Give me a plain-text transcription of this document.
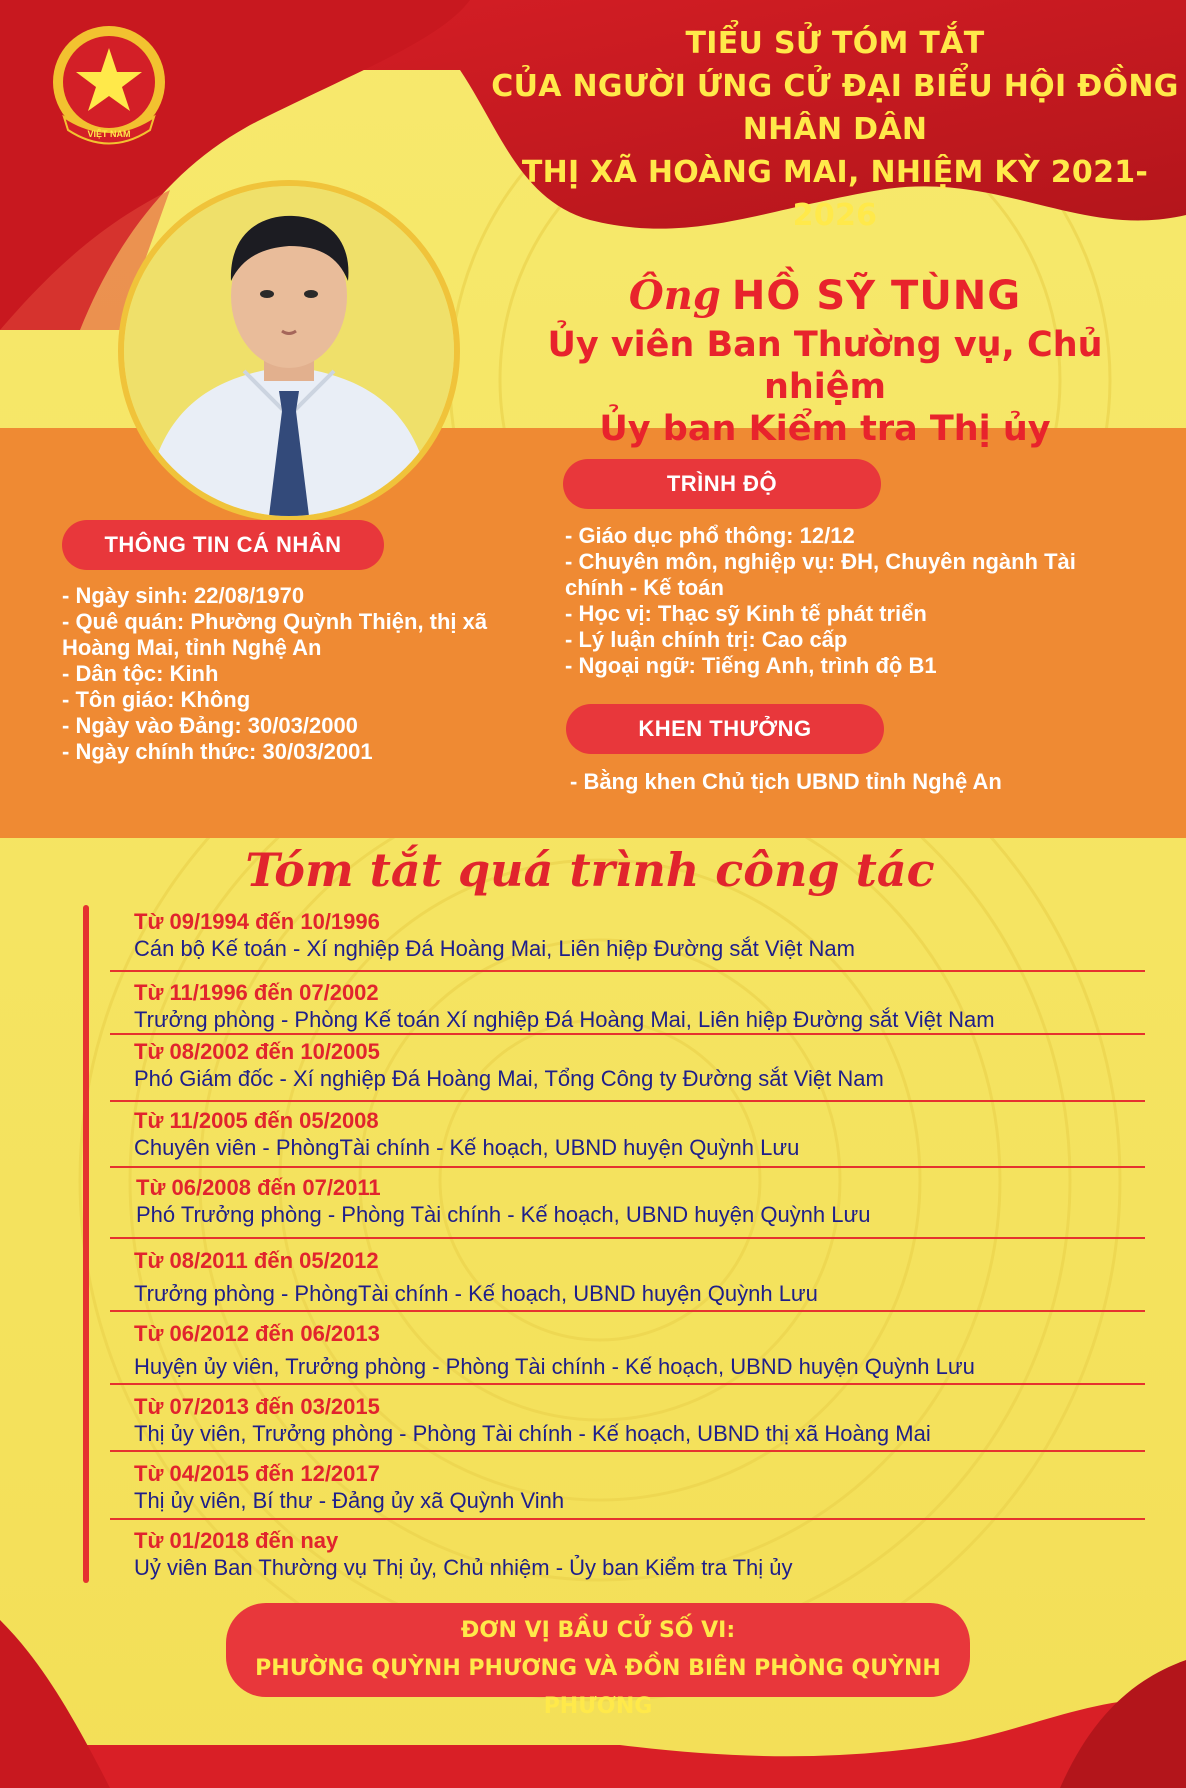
VIỆT NAM
TIỂU SỬ TÓM TẮT
CỦA NGƯỜI ỨNG CỬ ĐẠI BIỂU HỘI ĐỒNG NHÂN DÂN
THỊ XÃ HOÀNG MAI, NHIỆM KỲ 2021- 2026
Ông HỒ SỸ TÙNG
Ủy viên Ban Thường vụ, Chủ nhiệm
Ủy ban Kiểm tra Thị ủy
THÔNG TIN CÁ NHÂN
- Ngày sinh: 22/08/1970
- Quê quán: Phường Quỳnh Thiện, thị xã Hoàng Mai, tỉnh Nghệ An
- Dân tộc: Kinh
- Tôn giáo: Không
- Ngày vào Đảng: 30/03/2000
- Ngày chính thức: 30/03/2001
TRÌNH ĐỘ
- Giáo dục phổ thông: 12/12
- Chuyên môn, nghiệp vụ: ĐH, Chuyên ngành Tài chính - Kế toán
- Học vị: Thạc sỹ Kinh tế phát triển
- Lý luận chính trị: Cao cấp
- Ngoại ngữ: Tiếng Anh, trình độ B1
KHEN THƯỞNG
- Bằng khen Chủ tịch UBND tỉnh Nghệ An
Tóm tắt quá trình công tác
Từ 09/1994 đến 10/1996
Cán bộ Kế toán - Xí nghiệp Đá Hoàng Mai, Liên hiệp Đường sắt Việt Nam
Từ 11/1996 đến 07/2002
Trưởng phòng - Phòng Kế toán Xí nghiệp Đá Hoàng Mai, Liên hiệp Đường sắt Việt Nam
Từ 08/2002 đến 10/2005
Phó Giám đốc - Xí nghiệp Đá Hoàng Mai, Tổng Công ty Đường sắt Việt Nam
Từ 11/2005 đến 05/2008
Chuyên viên - PhòngTài chính - Kế hoạch, UBND huyện Quỳnh Lưu
Từ 06/2008 đến 07/2011
Phó Trưởng phòng - Phòng Tài chính - Kế hoạch, UBND huyện Quỳnh Lưu
Từ 08/2011 đến 05/2012
Trưởng phòng - PhòngTài chính - Kế hoạch, UBND huyện Quỳnh Lưu
Từ 06/2012 đến 06/2013
Huyện ủy viên, Trưởng phòng - Phòng Tài chính - Kế hoạch, UBND huyện Quỳnh Lưu
Từ 07/2013 đến 03/2015
Thị ủy viên, Trưởng phòng - Phòng Tài chính - Kế hoạch, UBND thị xã Hoàng Mai
Từ 04/2015 đến 12/2017
Thị ủy viên, Bí thư - Đảng ủy xã Quỳnh Vinh
Từ 01/2018 đến nay
Uỷ viên Ban Thường vụ Thị ủy, Chủ nhiệm - Ủy ban Kiểm tra Thị ủy
ĐƠN VỊ BẦU CỬ SỐ VI:
PHƯỜNG QUỲNH PHƯƠNG VÀ ĐỒN BIÊN PHÒNG QUỲNH PHƯƠNG
